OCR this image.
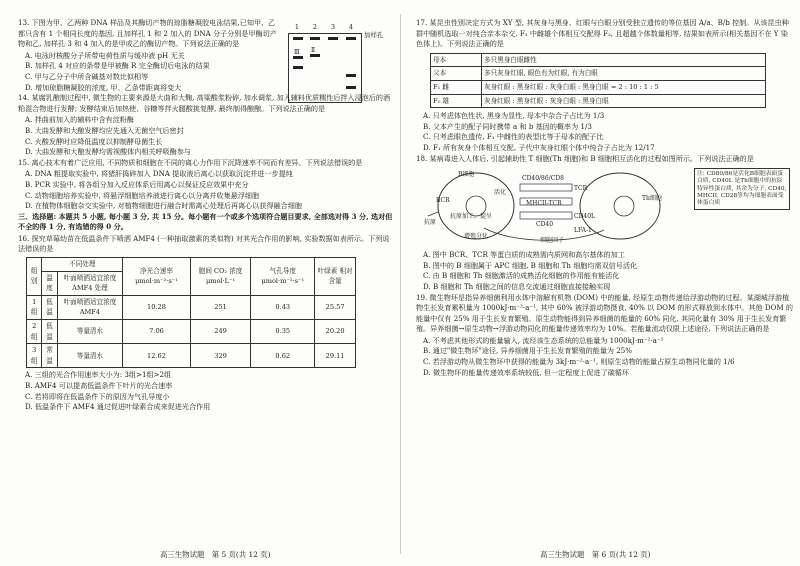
13. 下图为甲、乙两种 DNA 样品及其酶切产物的琼脂糖凝胶电泳结果,已知甲、乙都只含有 1 个相同长度的基因, 且加样孔 1 和 2 加入的 DNA 分子分别是甲酶切产物和乙, 加样孔 3 和 4 加入的是甲或乙的酶切产物。下列说法正确的是
1 2 3 4
Ⅲ Ⅱ
加样孔
A. 电泳时核酸分子所带电荷性质与缓冲液 pH 无关
B. 加样孔 4 对应的条带是甲被酶 R 完全酶切后电泳的结果
C. 甲与乙分子中所含碱基对数比似相等
D. 增加琼脂糖凝胶的浓度, 甲、乙条带距离将变大
14. 某腐乳酿制过程中, 微生物的主要来源是大曲和大麴, 高粱酸浆粉碎, 加水调浆, 加入辅料优质糯性后拌入浸泡后的酒粕混合物进行发酵; 发酵结束后加热使、谷糠等拌火腿酸挑复酵, 最终制得酿酿。下列说法正确的是
A. 拌曲前加入的辅料中含有淀粉酶
B. 大曲发酵和大酿发酵均应先通入无菌空气后密封
C. 火酸发酵时应降低温度以抑制酵母菌生长
D. 大曲发酵和大酿发酵均需视酸体内相关呼吸酶参与
15. 离心技术有着广泛应用, 不同物质和细胞在不同的离心力作用下沉降速率不同而有差异。下列说法错误的是
A. DNA 粗提取实验中, 将猪肝捣碎加入 DNA 提取液后离心以获取沉淀并进一步提纯
B. PCR 实验中, 将各组分加入反应体系后用离心以保证反应效果中充分
C. 动物细胞培养实验中, 将悬浮细胞培养液进行离心以分离并收集悬浮细胞
D. 在植物体细胞杂交实验中, 对植物细胞进行融合时需离心处理后再离心以获得融合细胞
三、选择题: 本题共 5 小题, 每小题 3 分, 共 15 分。每小题有一个或多个选项符合题目要求, 全部选对得 3 分, 选对但不全的得 1 分, 有选错的得 0 分。
16. 探究草莓幼苗在低温条件下喷洒 AMF4 (一种抽取激素的类似物) 对其光合作用的影响, 实验数据如表所示。下列说法错误的是
组别	不同处理		净光合速率 μmol·m⁻²·s⁻¹	胞间 CO₂ 浓度 μmol·L⁻¹	气孔导度 μmol·m⁻²·s⁻¹	叶绿素 相对含量
	温度	叶面喷洒适宜浓度 AMF4 处理				
1 组	低温	叶面喷洒适宜浓度AMF4	10.28	251	0.43	25.57
2 组	低温	等量清水	7.06	249	0.35	20.20
3 组	常温	等量清水	12.62	329	0.62	29.11
A. 三组的光合作用速率大小为: 3组>1组>2组
B. AMF4 可以提高低温条件下叶片的光合速率
C. 若将即将在低温条件下的原因为气孔导度小
D. 低温条件下 AMF4 通过促进叶绿素合成来促进光合作用
高三生物试题　第 5 页(共 12 页)
17. 某昆虫性别决定方式为 XY 型, 其灰身与黑身、红眼与白眼分别受独立遗传的等位基因 A/a、B/b 控制。从该昆虫种群中随机选取一对纯合亲本杂交, F₁ 中雌雄个体相互交配得 F₂, 且超越个体数量相等, 结果如表所示(相关基因不在 Y 染色体上)。下列说法正确的是
母本	多只黑身白眼雌性
父本	多只灰身红眼, 眼色有为红眼, 有为白眼
F₁ 雌	灰身红眼 : 黑身红眼 : 灰身白眼 : 黑身白眼 = 2 : 10 : 1 : 5
F₁ 雄	灰身红眼 : 黑身红眼 : 灰身白眼 : 黑身白眼
A. 只考虑体色性状, 黑身为显性, 母本中杂合子占比为 1/3
B. 父本产生的配子同时携带 a 和 b 基因的概率为 1/3
C. 只考虑眼色遗传, F₁ 中雌性的表型比等于母本的配子比
D. F₁ 所有灰身个体相互交配, 子代中灰身红眼个体中纯合子占比为 12/17
18. 某病毒进入人体后, 引起辅助性 T 细胞(Th 细胞)和 B 细胞相互活化的过程如图所示。下列说法正确的是
B细胞
CD40/86/CD8
TCR
MHCII-TCR
Th细胞
CD40
BCR
抗原
抗原加工、提呈
活化
增殖分化
细胞因子
CD40L
LFA-1
注: CD80/86是活化B细胞表面蛋白质, CD40L 是Th细胞中的抗原特异性蛋白质, 其余为分子, CD40, MHCII, CD28等均为细胞表面受体蛋白质
A. 图中 BCR、TCR 等蛋白质的成熟需内质网和高尔基体的加工
B. 图中的 B 细胞属于 APC 细胞, B 细胞和 Th 细胞均需双信号活化
C. 由 B 细胞和 Th 细胞激活的成熟活化细胞的作用能有能活化
D. B 细胞和 Th 细胞之间的信息交流通过细胞直接接触实现
19. 微生物环是指异养细菌利用水体中溶解有机物 (DOM) 中的能量, 经原生动物传递给浮游动物的过程。某湖城浮游植物生长发育累积量为 1000kJ·m⁻²·a⁻¹, 其中 60% 被浮游动物摄食, 40% 以 DOM 的形式释放到水体中。其他 DOM 的能量中仅有 25% 用于生长发育繁殖。原生动物能得到异养细菌的能量的 60% 同化, 其同化量有 30% 用于生长发育繁殖。异养细菌→原生动物→浮游动物同化的能量传递效率均为 10%。若能量流动仅限上述途径, 下列说法正确的是
A. 不考虑其他形式的能量输入, 流经该生态系统的总能量为 1000kJ·m⁻²·a⁻¹
B. 通过"微生物环"途径, 异养细菌用于生长发育繁殖的能量为 25%
C. 若浮游动物从微生物环中获得的能量为 3kJ·m⁻²·a⁻¹, 则原生动物的能量占原生动物同化量的 1/6
D. 微生物环的能量传递效率系统较低, 但一定程度上促进了碳循环
高三生物试题　第 6 页(共 12 页)
